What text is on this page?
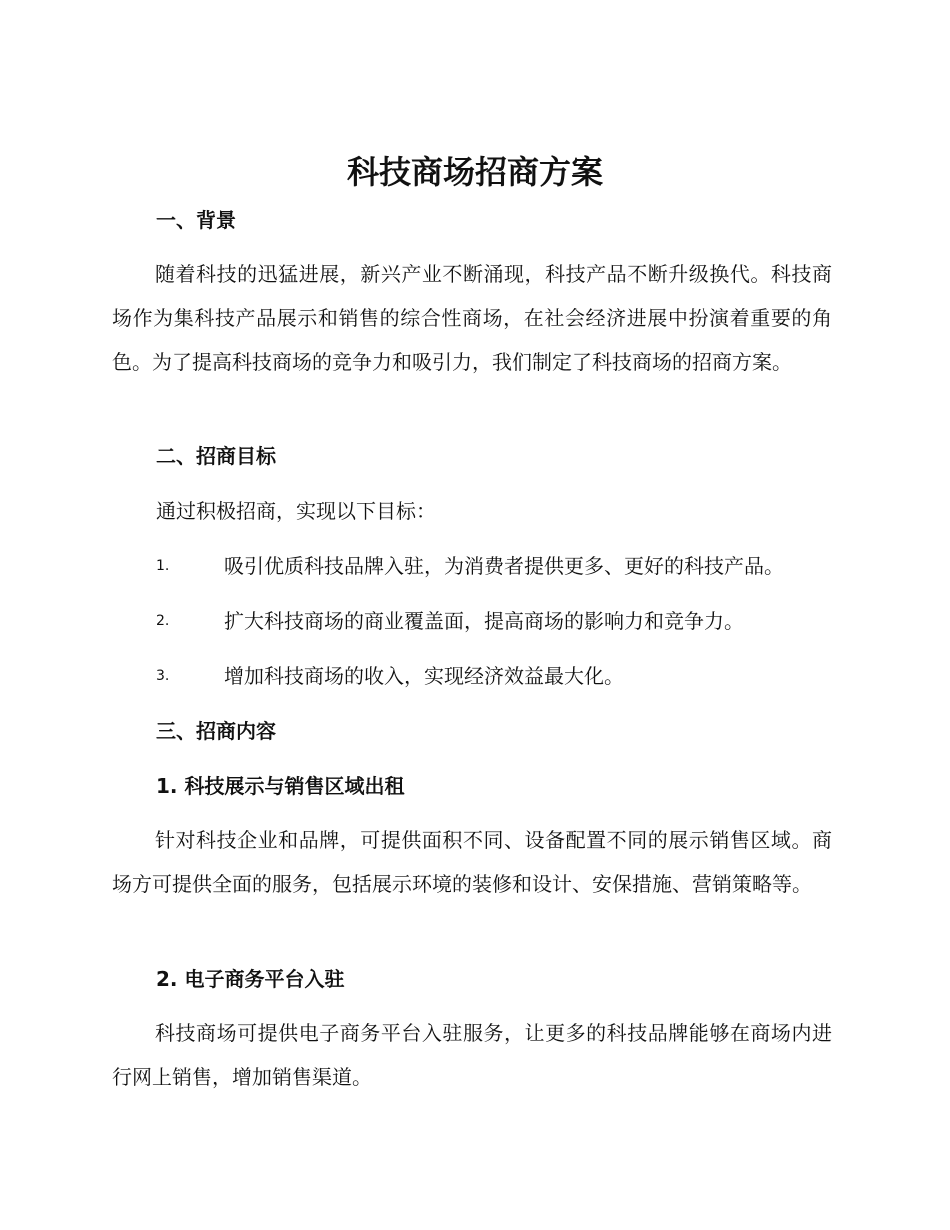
科技商场招商方案
一、背景

随着科技的迅猛进展，新兴产业不断涌现，科技产品不断升级换代。科技商场作为集科技产品展示和销售的综合性商场，在社会经济进展中扮演着重要的角色。为了提高科技商场的竞争力和吸引力，我们制定了科技商场的招商方案。

二、招商目标

通过积极招商，实现以下目标：

1.	吸引优质科技品牌入驻，为消费者提供更多、更好的科技产品。
2.	扩大科技商场的商业覆盖面，提高商场的影响力和竞争力。
3.	增加科技商场的收入，实现经济效益最大化。
三、招商内容
1. 科技展示与销售区域出租

针对科技企业和品牌，可提供面积不同、设备配置不同的展示销售区域。商场方可提供全面的服务，包括展示环境的装修和设计、安保措施、营销策略等。

2. 电子商务平台入驻

科技商场可提供电子商务平台入驻服务，让更多的科技品牌能够在商场内进行网上销售，增加销售渠道。
